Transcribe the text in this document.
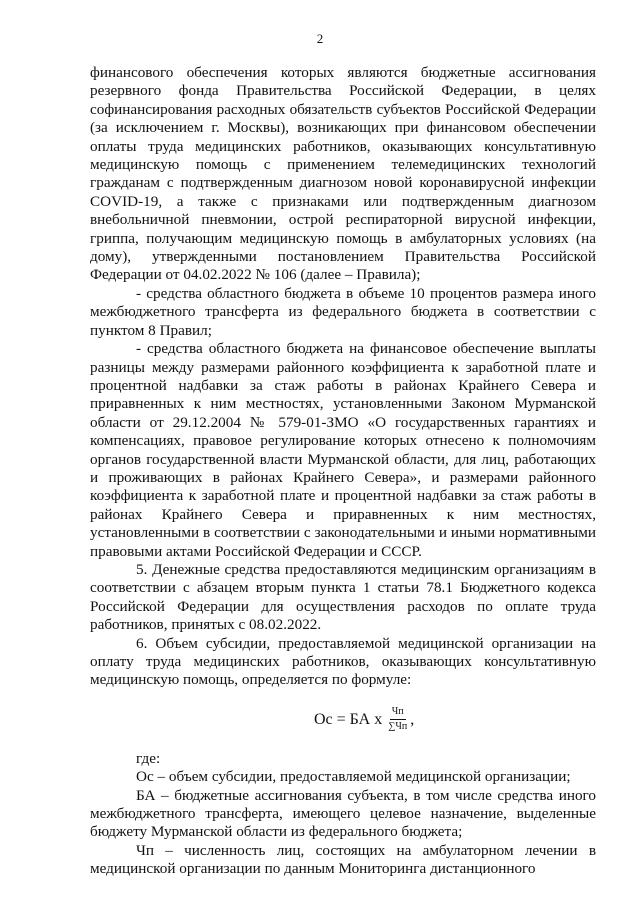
2

финансового обеспечения которых являются бюджетные ассигнования резервного фонда Правительства Российской Федерации, в целях софинансирования расходных обязательств субъектов Российской Федерации (за исключением г. Москвы), возникающих при финансовом обеспечении оплаты труда медицинских работников, оказывающих консультативную медицинскую помощь с применением телемедицинских технологий гражданам с подтвержденным диагнозом новой коронавирусной инфекции COVID-19, а также с признаками или подтвержденным диагнозом внебольничной пневмонии, острой респираторной вирусной инфекции, гриппа, получающим медицинскую помощь в амбулаторных условиях (на дому), утвержденными постановлением Правительства Российской Федерации от 04.02.2022 № 106 (далее – Правила);

- средства областного бюджета в объеме 10 процентов размера иного межбюджетного трансферта из федерального бюджета в соответствии с пунктом 8 Правил;

- средства областного бюджета на финансовое обеспечение выплаты разницы между размерами районного коэффициента к заработной плате и процентной надбавки за стаж работы в районах Крайнего Севера и приравненных к ним местностях, установленными Законом Мурманской области от 29.12.2004 № 579-01-ЗМО «О государственных гарантиях и компенсациях, правовое регулирование которых отнесено к полномочиям органов государственной власти Мурманской области, для лиц, работающих и проживающих в районах Крайнего Севера», и размерами районного коэффициента к заработной плате и процентной надбавки за стаж работы в районах Крайнего Севера и приравненных к ним местностях, установленными в соответствии с законодательными и иными нормативными правовыми актами Российской Федерации и СССР.

5. Денежные средства предоставляются медицинским организациям в соответствии с абзацем вторым пункта 1 статьи 78.1 Бюджетного кодекса Российской Федерации для осуществления расходов по оплате труда работников, принятых с 08.02.2022.

6. Объем субсидии, предоставляемой медицинской организации на оплату труда медицинских работников, оказывающих консультативную медицинскую помощь, определяется по формуле:

Ос = БА х $\frac{Чп}{\sum Чп}$ ,

где:

Ос – объем субсидии, предоставляемой медицинской организации;

БА – бюджетные ассигнования субъекта, в том числе средства иного межбюджетного трансферта, имеющего целевое назначение, выделенные бюджету Мурманской области из федерального бюджета;

Чп – численность лиц, состоящих на амбулаторном лечении в медицинской организации по данным Мониторинга дистанционного
